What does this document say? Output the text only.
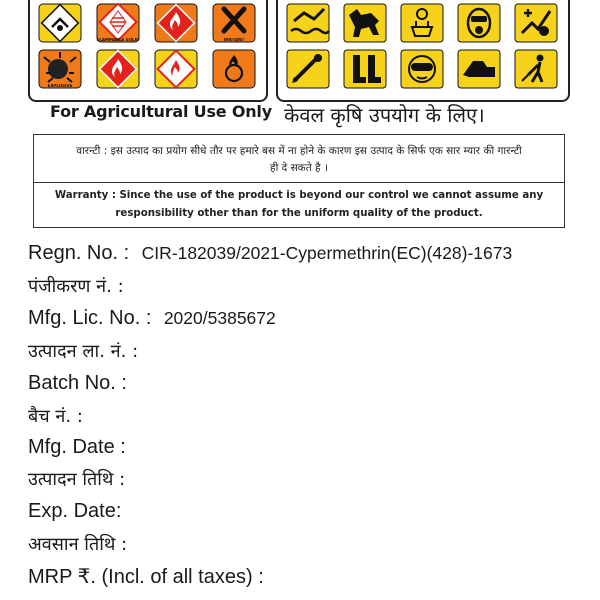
FLAMMABLE SOLID	IRRITANT
EXPLOSIVE
For Agricultural Use Only केवल कृषि उपयोग के लिए।
वारन्टी : इस उत्पाद का प्रयोग सीधे तौर पर हमारे बस में ना होने के कारण इस उत्पाद के सिर्फ एक सार म्यार की गारन्टी ही दे सकते है ।
Warranty : Since the use of the product is beyond our control we cannot assume any responsibility other than for the uniform quality of the product.
Regn. No. : CIR-182039/2021-Cypermethrin(EC)(428)-1673
पंजीकरण नं. :
Mfg. Lic. No. : 2020/5385672
उत्पादन ला. नं. :
Batch No. :
बैच नं. :
Mfg. Date :
उत्पादन तिथि :
Exp. Date:
अवसान तिथि :
MRP ₹. (Incl. of all taxes) :
